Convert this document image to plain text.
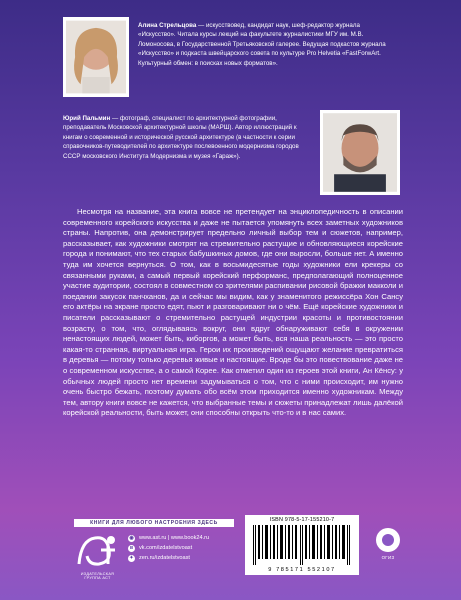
Алина Стрельцова — искусствовед, кандидат наук, шеф-редактор журнала «Искусство». Читала курсы лекций на факультете журналистики МГУ им. М.В. Ломоносова, в Государственной Третьяковской галерее. Ведущая подкастов журнала «Искусство» и подкаста швейцарского совета по культуре Pro Helvetia «FastForwArt. Культурный обмен: в поисках новых форматов».
Юрий Пальмин — фотограф, специалист по архитектурной фотографии, преподаватель Московской архитектурной школы (МАРШ). Автор иллюстраций к книгам о современной и исторической русской архитектуре (в частности к серии справочников-путеводителей по архитектуре послевоенного модернизма городов СССР московского Института Модернизма и музея «Гараж»).
Несмотря на название, эта книга вовсе не претендует на энциклопедичность в описании современного корейского искусства и даже не пытается упомянуть всех заметных художников страны. Напротив, она демонстрирует предельно личный выбор тем и сюжетов, например, рассказывает, как художники смотрят на стремительно растущие и обновляющиеся корейские города и понимают, что тех старых бабушкиных домов, где они выросли, больше нет. А именно туда им хочется вернуться. О том, как в восьмидесятые годы художники ели крекеры со связанными руками, а самый первый корейский перформанс, предполагающий полноценное участие аудитории, состоял в совместном со зрителями распивании рисовой бражки макколи и поедании закусок панчханов, да и сейчас мы видим, как у знаменитого режиссёра Хон Сансу его актёры на экране просто едят, пьют и разговаривают ни о чём. Ещё корейские художники и писатели рассказывают о стремительно растущей индустрии красоты и противостоянии возрасту, о том, что, оглядываясь вокруг, они вдруг обнаруживают себя в окружении ненастоящих людей, может быть, киборгов, а может быть, вся наша реальность — это просто какая-то странная, виртуальная игра. Герои их произведений ощущают желание превратиться в деревья — потому только деревья живые и настоящие. Вроде бы это повествование даже не о современном искусстве, а о самой Корее. Как отметил один из героев этой книги, Ан Кёнсу: у обычных людей просто нет времени задумываться о том, что с ними происходит, им нужно очень быстро бежать, поэтому думать обо всём этом приходится именно художникам. Между тем, автору книги вовсе не кажется, что выбранные темы и сюжеты принадлежат лишь далёкой корейской реальности, быть может, они способны открыть что-то и в нас самих.
КНИГИ ДЛЯ ЛЮБОГО НАСТРОЕНИЯ ЗДЕСЬ
ИЗДАТЕЛЬСКАЯ ГРУППА АСТ
◉ www.ast.ru | www.book24.ru
в	vk.com/izdatelstvoast
✦ zen.ru/izdatelstvoast
ISBN 978-5-17-155210-7
9 785171 552107
ОГИЗ
